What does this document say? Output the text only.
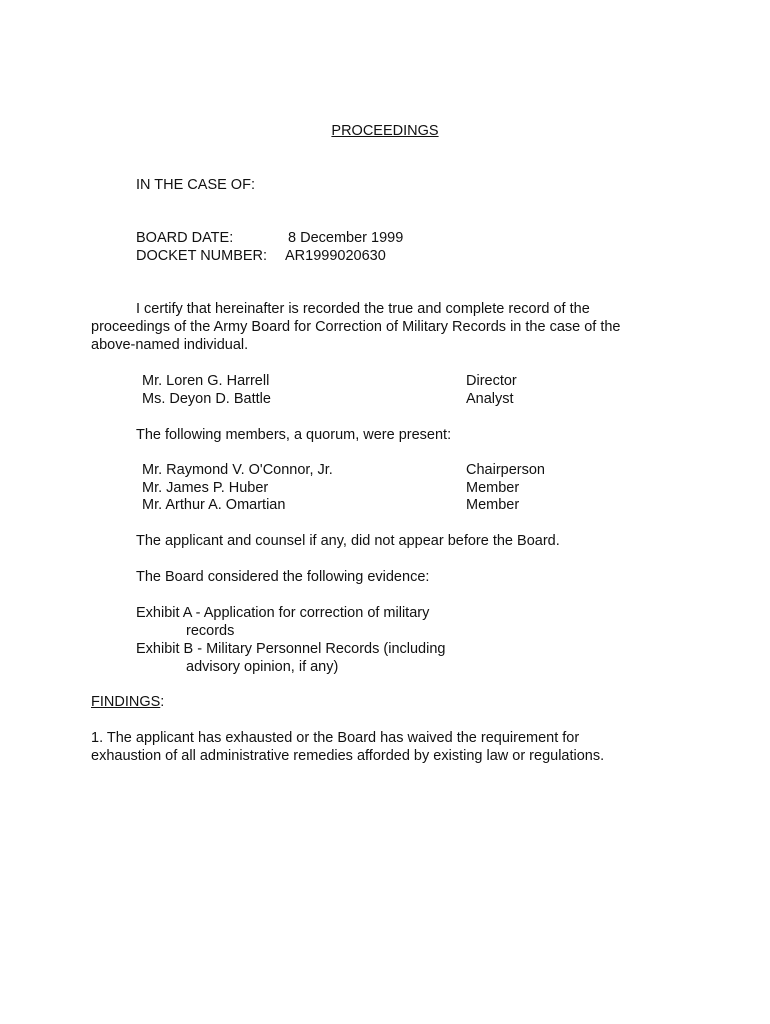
PROCEEDINGS
IN THE CASE OF:
BOARD DATE:	8 December 1999
DOCKET NUMBER: AR1999020630
I certify that hereinafter is recorded the true and complete record of the proceedings of the Army Board for Correction of Military Records in the case of the above-named individual.
Mr. Loren G. Harrell	Director
Ms. Deyon D. Battle	Analyst
The following members, a quorum, were present:
Mr. Raymond V. O'Connor, Jr.	Chairperson
Mr. James P. Huber	Member
Mr. Arthur A. Omartian	Member
The applicant and counsel if any, did not appear before the Board.
The Board considered the following evidence:
Exhibit A - Application for correction of military
records
Exhibit B - Military Personnel Records (including
advisory opinion, if any)
FINDINGS:
1. The applicant has exhausted or the Board has waived the requirement for exhaustion of all administrative remedies afforded by existing law or regulations.
